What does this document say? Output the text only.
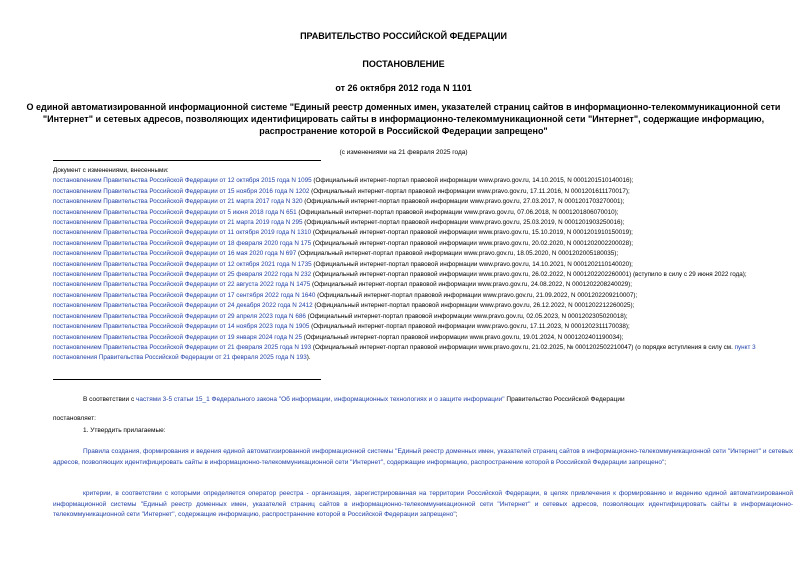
ПРАВИТЕЛЬСТВО РОССИЙСКОЙ ФЕДЕРАЦИИ
ПОСТАНОВЛЕНИЕ
от 26 октября 2012 года N 1101
О единой автоматизированной информационной системе "Единый реестр доменных имен, указателей страниц сайтов в информационно-телекоммуникационной сети "Интернет" и сетевых адресов, позволяющих идентифицировать сайты в информационно-телекоммуникационной сети "Интернет", содержащие информацию, распространение которой в Российской Федерации запрещено"
(с изменениями на 21 февраля 2025 года)
Документ с изменениями, внесенными:
постановлением Правительства Российской Федерации от 12 октября 2015 года N 1095 (Официальный интернет-портал правовой информации www.pravo.gov.ru, 14.10.2015, N 0001201510140016);
постановлением Правительства Российской Федерации от 15 ноября 2016 года N 1202 (Официальный интернет-портал правовой информации www.pravo.gov.ru, 17.11.2016, N 0001201611170017);
постановлением Правительства Российской Федерации от 21 марта 2017 года N 320 (Официальный интернет-портал правовой информации www.pravo.gov.ru, 27.03.2017, N 0001201703270001);
постановлением Правительства Российской Федерации от 5 июня 2018 года N 651 (Официальный интернет-портал правовой информации www.pravo.gov.ru, 07.06.2018, N 0001201806070010);
постановлением Правительства Российской Федерации от 21 марта 2019 года N 295 (Официальный интернет-портал правовой информации www.pravo.gov.ru, 25.03.2019, N 0001201903250016);
постановлением Правительства Российской Федерации от 11 октября 2019 года N 1310 (Официальный интернет-портал правовой информации www.pravo.gov.ru, 15.10.2019, N 0001201910150019);
постановлением Правительства Российской Федерации от 18 февраля 2020 года N 175 (Официальный интернет-портал правовой информации www.pravo.gov.ru, 20.02.2020, N 0001202002200028);
постановлением Правительства Российской Федерации от 16 мая 2020 года N 697 (Официальный интернет-портал правовой информации www.pravo.gov.ru, 18.05.2020, N 0001202005180035);
постановлением Правительства Российской Федерации от 12 октября 2021 года N 1735 (Официальный интернет-портал правовой информации www.pravo.gov.ru, 14.10.2021, N 0001202110140020);
постановлением Правительства Российской Федерации от 25 февраля 2022 года N 232 (Официальный интернет-портал правовой информации www.pravo.gov.ru, 26.02.2022, N 0001202202260001) (вступило в силу с 29 июня 2022 года);
постановлением Правительства Российской Федерации от 22 августа 2022 года N 1475 (Официальный интернет-портал правовой информации www.pravo.gov.ru, 24.08.2022, N 0001202208240029);
постановлением Правительства Российской Федерации от 17 сентября 2022 года N 1640 (Официальный интернет-портал правовой информации www.pravo.gov.ru, 21.09.2022, N 0001202209210007);
постановлением Правительства Российской Федерации от 24 декабря 2022 года N 2412 (Официальный интернет-портал правовой информации www.pravo.gov.ru, 26.12.2022, N 0001202212260025);
постановлением Правительства Российской Федерации от 29 апреля 2023 года N 686 (Официальный интернет-портал правовой информации www.pravo.gov.ru, 02.05.2023, N 0001202305020018);
постановлением Правительства Российской Федерации от 14 ноября 2023 года N 1905 (Официальный интернет-портал правовой информации www.pravo.gov.ru, 17.11.2023, N 0001202311170038);
постановлением Правительства Российской Федерации от 19 января 2024 года N 25 (Официальный интернет-портал правовой информации www.pravo.gov.ru, 19.01.2024, N 0001202401190034);
постановлением Правительства Российской Федерации от 21 февраля 2025 года N 193 (Официальный интернет-портал правовой информации www.pravo.gov.ru, 21.02.2025, № 0001202502210047) (о порядке вступления в силу см. пункт 3 постановления Правительства Российской Федерации от 21 февраля 2025 года N 193).
В соответствии с частями 3-5 статьи 15_1 Федерального закона "Об информации, информационных технологиях и о защите информации" Правительство Российской Федерации
постановляет:
1. Утвердить прилагаемые:
Правила создания, формирования и ведения единой автоматизированной информационной системы "Единый реестр доменных имен, указателей страниц сайтов в информационно-телекоммуникационной сети "Интернет" и сетевых адресов, позволяющих идентифицировать сайты в информационно-телекоммуникационной сети "Интернет", содержащие информацию, распространение которой в Российской Федерации запрещено";
критерии, в соответствии с которыми определяется оператор реестра - организация, зарегистрированная на территории Российской Федерации, в целях привлечения к формированию и ведению единой автоматизированной информационной системы "Единый реестр доменных имен, указателей страниц сайтов в информационно-телекоммуникационной сети "Интернет" и сетевых адресов, позволяющих идентифицировать сайты в информационно-телекоммуникационной сети "Интернет", содержащие информацию, распространение которой в Российской Федерации запрещено";
